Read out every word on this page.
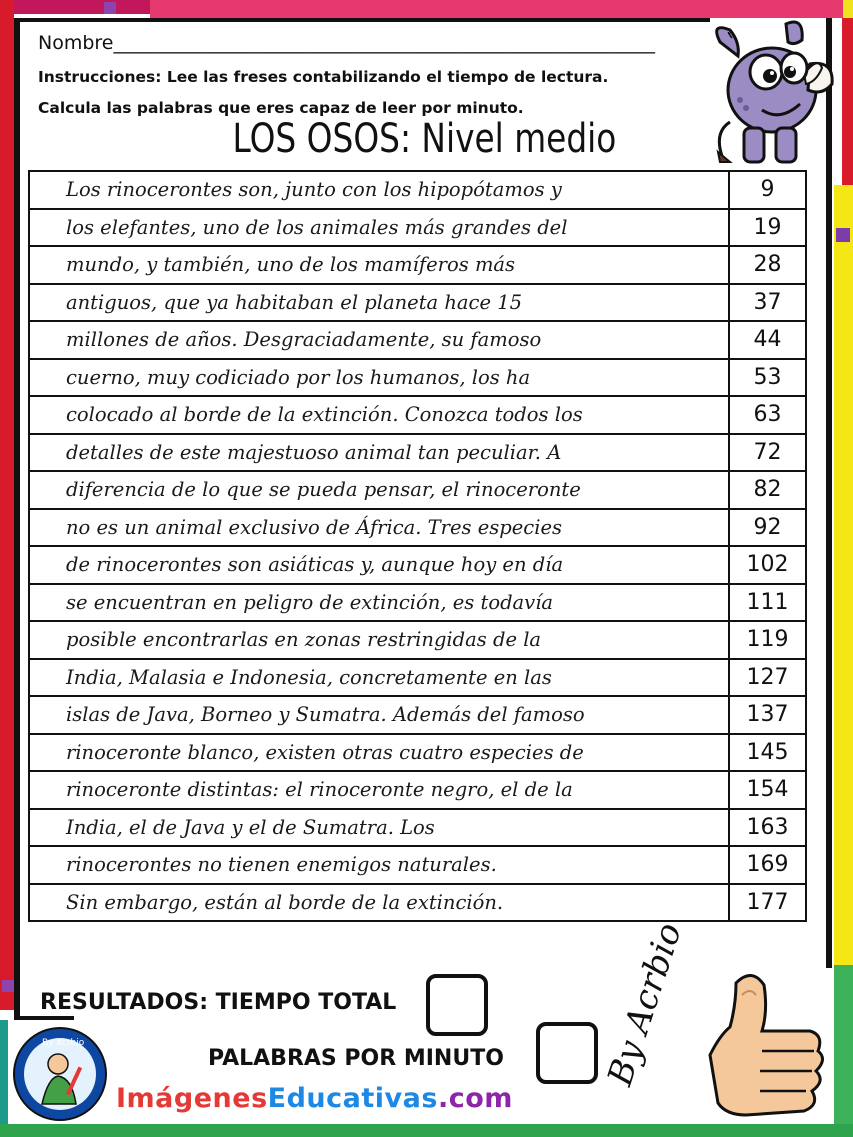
Nombre_________________________________________________________
Instrucciones: Lee las freses contabilizando el tiempo de lectura.
Calcula las palabras que eres capaz de leer por minuto.
LOS OSOS: Nivel medio
Los rinocerontes son, junto con los hipopótamos y	9
los elefantes, uno de los animales más grandes del	19
mundo, y también, uno de los mamíferos más	28
antiguos, que ya habitaban el planeta hace 15	37
millones de años. Desgraciadamente, su famoso	44
cuerno, muy codiciado por los humanos, los ha	53
colocado al borde de la extinción. Conozca todos los	63
detalles de este majestuoso animal tan peculiar. A	72
diferencia de lo que se pueda pensar, el rinoceronte	82
no es un animal exclusivo de África. Tres especies	92
de rinocerontes son asiáticas y, aunque hoy en día	102
se encuentran en peligro de extinción, es todavía	111
posible encontrarlas en zonas restringidas de la	119
India, Malasia e Indonesia, concretamente en las	127
islas de Java, Borneo y Sumatra. Además del famoso	137
rinoceronte blanco, existen otras cuatro especies de	145
rinoceronte distintas: el rinoceronte negro, el de la	154
India, el de Java y el de Sumatra. Los	163
rinocerontes no tienen enemigos naturales.	169
Sin embargo, están al borde de la extinción.	177
RESULTADOS: TIEMPO TOTAL
PALABRAS POR MINUTO	By Acrbio
By acrbio
ImágenesEducativas.com
